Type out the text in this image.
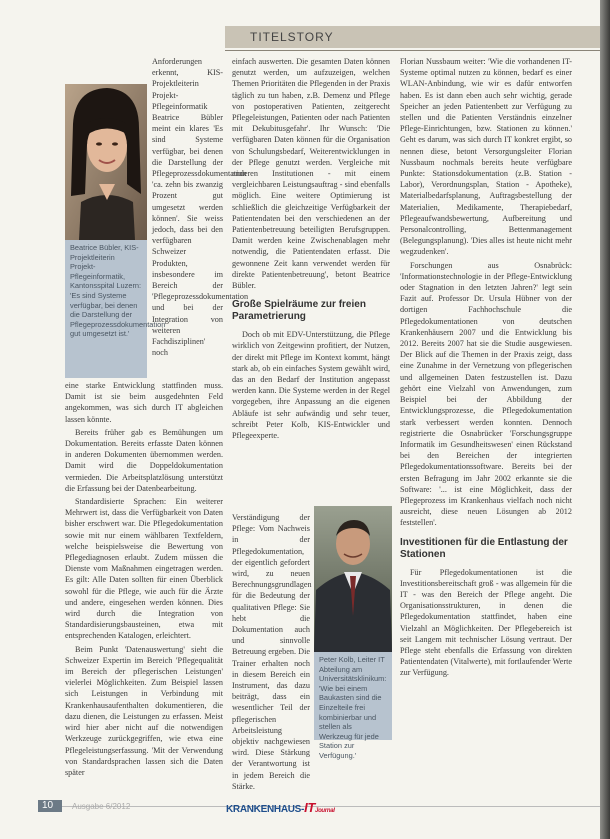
TITELSTORY
Beatrice Bübler, KIS-Projektleiterin Projekt-Pflegeinformatik, Kantonsspital Luzern: 'Es sind Systeme verfügbar, bei denen die Darstellung der Pflegeprozessdokumentation gut umgesetzt ist.'

Anforderungen erkennt, KIS-Projektleiterin Projekt-Pflegeinformatik Beatrice Bübler meint ein klares 'Es sind Systeme verfügbar, bei denen die Darstellung der Pflegeprozessdokumentation 'ca. zehn bis zwanzig Prozent gut umgesetzt werden können'. Sie weiss jedoch, dass bei den verfügbaren Schweizer Produkten, insbesondere im Bereich der 'Pflegeprozessdokumentation und bei der Integration von weiteren Fachdisziplinen' noch

eine starke Entwicklung stattfinden muss. Damit ist sie beim ausgedehnten Feld angekommen, was sich durch IT abgleichen lassen könnte.

Bereits früher gab es Bemühungen um Dokumentation. Bereits erfasste Daten können in anderen Dokumenten übernommen werden. Damit wird die Doppeldokumentation vermieden. Die Arbeitsplatzlösung unterstützt die Erfassung bei der Datenbearbeitung.

Standardisierte Sprachen: Ein weiterer Mehrwert ist, dass die Verfügbarkeit von Daten bisher erschwert war. Die Pflegedokumentation sowie mit nur einem wählbaren Textfeldern, welche beispielsweise die Bewertung von Pflegediagnosen erlaubt. Zudem müssen die Dienste vom Maßnahmen eingetragen werden. Es gilt: Alle Daten sollten für einen Überblick sowohl für die Pflege, wie auch für die Ärzte und andere, eingesehen werden können. Dies wird durch die Integration von Standardisierungsbausteinen, etwa mit entsprechenden Katalogen, erleichtert.

Beim Punkt 'Datenauswertung' sieht die Schweizer Expertin im Bereich 'Pflegequalität im Bereich der pflegerischen Leistungen' vielerlei Möglichkeiten. Zum Beispiel lassen sich Leistungen in Verbindung mit Krankenhausaufenthalten dokumentieren, die dazu dienen, die Leistungen zu erfassen. Meist wird hier aber nicht auf die notwendigen Werkzeuge zurückgegriffen, wie etwa eine Pflegeleistungserfassung. 'Mit der Verwendung von Standardsprachen lassen sich die Daten später

einfach auswerten. Die gesamten Daten können genutzt werden, um aufzuzeigen, welchen Themen Prioritäten die Pflegenden in der Praxis täglich zu tun haben, z.B. Demenz und Pflege von postoperativen Patienten, zeitgerecht Pflegeleistungen, Patienten oder nach Patienten mit Dekubitusgefahr'. Ihr Wunsch: 'Die verfügbaren Daten können für die Organisation von Schulungsbedarf, Weiterentwicklungen in der Pflege genutzt werden. Vergleiche mit anderen Institutionen - mit einem vergleichbaren Leistungsauftrag - sind ebenfalls möglich. Eine weitere Optimierung ist schließlich die gleichzeitige Verfügbarkeit der Patientendaten bei den verschiedenen an der Patientenbetreuung beteiligten Berufsgruppen. Damit werden keine Zwischenablagen mehr notwendig, die Patientendaten erfasst. Die gewonnene Zeit kann verwendet werden für direkte Patientenbetreuung', betont Beatrice Bübler.

Große Spielräume zur freien Parametrierung

Doch ob mit EDV-Unterstützung, die Pflege wirklich von Zeitgewinn profitiert, der Nutzen, der direkt mit Pflege im Kontext kommt, hängt stark ab, ob ein einfaches System gewählt wird, das an den Bedarf der Institution angepasst werden kann. Die Systeme werden in der Regel vorgegeben, ihre Anpassung an die eigenen Abläufe ist sehr aufwändig und sehr teuer, schreibt Peter Kolb, KIS-Entwickler und Pflegeexperte.

Verständigung der Pflege: Vom Nachweis in der Pflegedokumentation, der eigentlich gefordert wird, zu neuen Berechnungsgrundlagen für die Bedeutung der qualitativen Pflege: Sie hebt die Dokumentation auch und sinnvolle Betreuung ergeben. Die Trainer erhalten noch in diesem Bereich ein Instrument, das dazu beiträgt, dass ein wesentlicher Teil der pflegerischen Arbeitsleistung objektiv nachgewiesen wird. Diese Stärkung der Verantwortung ist in jedem Bereich die Stärke.

Peter Kolb, Leiter IT Abteilung am Universitätsklinikum: 'Wie bei einem Baukasten sind die Einzelteile frei kombinierbar und stellen als Werkzeug für jede Station zur Verfügung.'

Florian Nussbaum weiter: 'Wie die vorhandenen IT-Systeme optimal nutzen zu können, bedarf es einer WLAN-Anbindung, wie wir es dafür entworfen haben. Es ist dann eben auch sehr wichtig, gerade Speicher an jeden Patientenbett zur Verfügung zu stellen und die Patienten Verständnis einzelner Pflege-Einrichtungen, bzw. Stationen zu können.' Geht es darum, was sich durch IT konkret ergibt, so nennen diese, betont Versorgungsleiter Florian Nussbaum nochmals bereits heute verfügbare Punkte: Stationsdokumentation (z.B. Station - Labor), Verordnungsplan, Station - Apotheke), Materialbedarfsplanung, Auftragsbestellung der Materialien, Medikamente, Therapiebedarf, Pflegeaufwandsbewertung, Aufbereitung und Personalcontrolling, Bettenmanagement (Belegungsplanung). 'Dies alles ist heute nicht mehr wegzudenken'.

Forschungen aus Osnabrück: 'Informationstechnologie in der Pflege-Entwicklung oder Stagnation in den letzten Jahren?' legt sein Fazit auf. Professor Dr. Ursula Hübner von der dortigen Fachhochschule die Pflegedokumentationen von deutschen Krankenhäusern 2007 und die Entwicklung bis 2012. Bereits 2007 hat sie die Studie ausgewiesen. Der Blick auf die Themen in der Praxis zeigt, dass eine Zunahme in der Vernetzung von pflegerischen und allgemeinen Daten festzustellen ist. Dazu gehört eine Vielzahl von Anwendungen, zum Beispiel bei der Abbildung der Entwicklungsprozesse, die Pflegedokumentation stark verbessert werden konnten. Dennoch registrierte die Osnabrücker 'Forschungsgruppe Informatik im Gesundheitswesen' einen Rückstand bei den Bereichen der integrierten Pflegedokumentationssoftware. Bereits bei der ersten Befragung im Jahr 2002 erkannte sie die Software: '... ist eine Möglichkeit, dass der Pflegeprozess im Krankenhaus vielfach noch nicht ausreicht, diese neuen Lösungen ab 2012 feststellen'.

Investitionen für die Entlastung der Stationen

Für Pflegedokumentationen ist die Investitionsbereitschaft groß - was allgemein für die IT - was den Bereich der Pflege angeht. Die Organisationsstrukturen, in denen die Pflegedokumentation stattfindet, haben eine Vielzahl an Möglichkeiten. Der Pflegebereich ist seit Langem mit technischer Lösung vertraut. Der Pflege steht ebenfalls die Erfassung von direkten Patientendaten (Vitalwerte), mit fortlaufender Werte zur Verfügung.

10 Ausgabe 6/2012	KRANKENHAUS-ITJournal
